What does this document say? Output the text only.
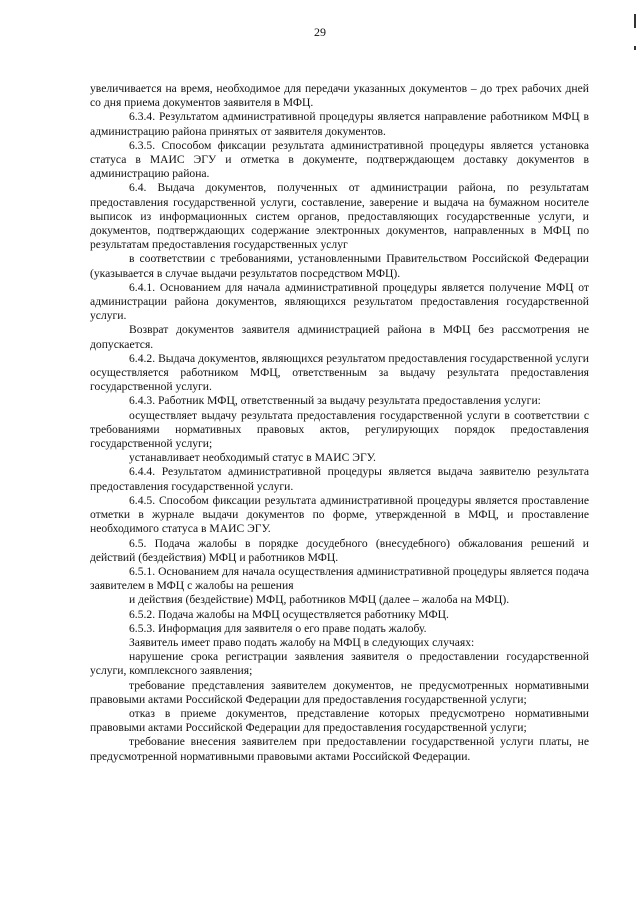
29

увеличивается на время, необходимое для передачи указанных документов – до трех рабочих дней со дня приема документов заявителя в МФЦ.

6.3.4. Результатом административной процедуры является направление работником МФЦ в администрацию района принятых от заявителя документов.

6.3.5. Способом фиксации результата административной процедуры является установка статуса в МАИС ЭГУ и отметка в документе, подтверждающем доставку документов в администрацию района.

6.4. Выдача документов, полученных от администрации района, по результатам предоставления государственной услуги, составление, заверение и выдача на бумажном носителе выписок из информационных систем органов, предоставляющих государственные услуги, и документов, подтверждающих содержание электронных документов, направленных в МФЦ по результатам предоставления государственных услуг

в соответствии с требованиями, установленными Правительством Российской Федерации (указывается в случае выдачи результатов посредством МФЦ).

6.4.1. Основанием для начала административной процедуры является получение МФЦ от администрации района документов, являющихся результатом предоставления государственной услуги.

Возврат документов заявителя администрацией района в МФЦ без рассмотрения не допускается.

6.4.2. Выдача документов, являющихся результатом предоставления государственной услуги осуществляется работником МФЦ, ответственным за выдачу результата предоставления государственной услуги.

6.4.3. Работник МФЦ, ответственный за выдачу результата предоставления услуги:

осуществляет выдачу результата предоставления государственной услуги в соответствии с требованиями нормативных правовых актов, регулирующих порядок предоставления государственной услуги;

устанавливает необходимый статус в МАИС ЭГУ.

6.4.4. Результатом административной процедуры является выдача заявителю результата предоставления государственной услуги.

6.4.5. Способом фиксации результата административной процедуры является проставление отметки в журнале выдачи документов по форме, утвержденной в МФЦ, и проставление необходимого статуса в МАИС ЭГУ.

6.5. Подача жалобы в порядке досудебного (внесудебного) обжалования решений и действий (бездействия) МФЦ и работников МФЦ.

6.5.1. Основанием для начала осуществления административной процедуры является подача заявителем в МФЦ с жалобы на решения

и действия (бездействие) МФЦ, работников МФЦ (далее – жалоба на МФЦ).

6.5.2. Подача жалобы на МФЦ осуществляется работнику МФЦ.

6.5.3. Информация для заявителя о его праве подать жалобу.

Заявитель имеет право подать жалобу на МФЦ в следующих случаях:

нарушение срока регистрации заявления заявителя о предоставлении государственной услуги, комплексного заявления;

требование представления заявителем документов, не предусмотренных нормативными правовыми актами Российской Федерации для предоставления государственной услуги;

отказ в приеме документов, представление которых предусмотрено нормативными правовыми актами Российской Федерации для предоставления государственной услуги;

требование внесения заявителем при предоставлении государственной услуги платы, не предусмотренной нормативными правовыми актами Российской Федерации.
